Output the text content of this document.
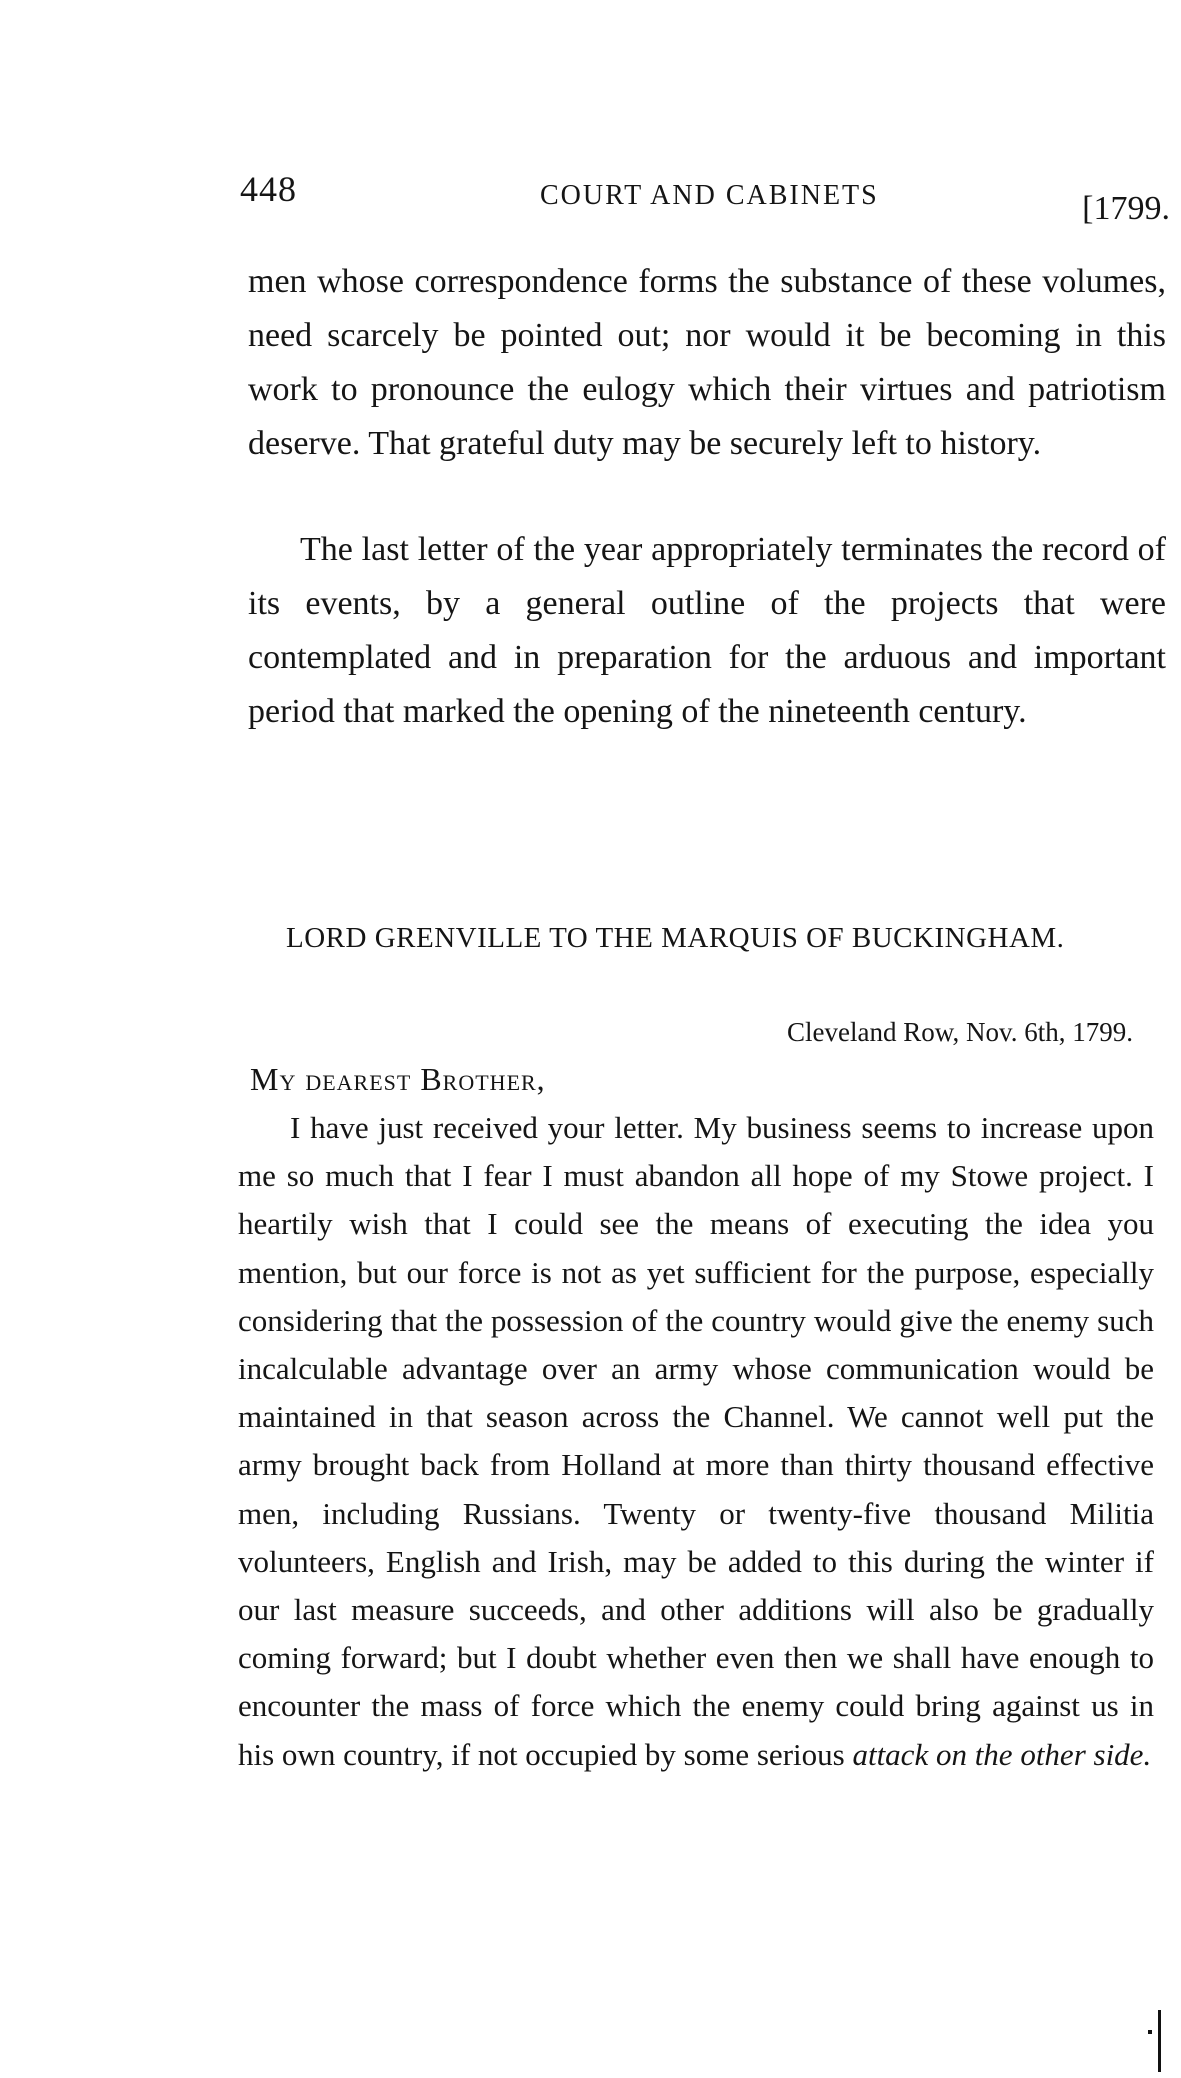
448	COURT AND CABINETS	[1799.

men whose correspondence forms the substance of these volumes, need scarcely be pointed out; nor would it be becoming in this work to pronounce the eulogy which their virtues and patriotism deserve. That grateful duty may be securely left to history.

The last letter of the year appropriately terminates the record of its events, by a general outline of the projects that were contemplated and in preparation for the arduous and important period that marked the opening of the nineteenth century.

LORD GRENVILLE TO THE MARQUIS OF BUCKINGHAM.
Cleveland Row, Nov. 6th, 1799.
My dearest Brother,

I have just received your letter. My business seems to increase upon me so much that I fear I must abandon all hope of my Stowe project. I heartily wish that I could see the means of executing the idea you mention, but our force is not as yet sufficient for the purpose, especially considering that the possession of the country would give the enemy such incalculable advantage over an army whose communication would be maintained in that season across the Channel. We cannot well put the army brought back from Holland at more than thirty thousand effective men, including Russians. Twenty or twenty-five thousand Militia volunteers, English and Irish, may be added to this during the winter if our last measure succeeds, and other additions will also be gradually coming forward; but I doubt whether even then we shall have enough to encounter the mass of force which the enemy could bring against us in his own country, if not occupied by some serious attack on the other side.
